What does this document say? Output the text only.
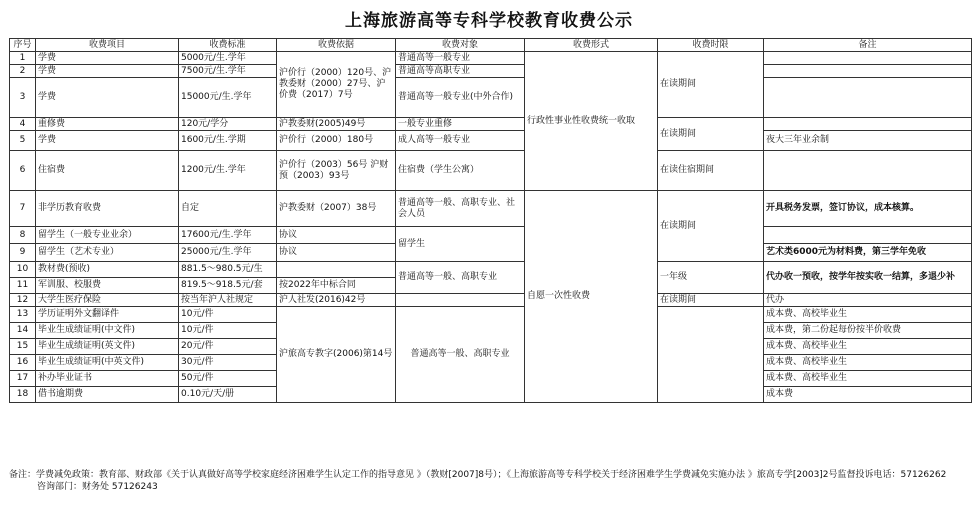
上海旅游高等专科学校教育收费公示
序号	收费项目	收费标准	收费依据	收费对象	收费形式	收费时限	备注
1	学费	5000元/生.学年	沪价行（2000）120号、沪教委财（2000）27号、沪价费（2017）7号	普通高等一般专业	行政性事业性收费统一收取	在读期间	
2	学费	7500元/生.学年		普通高等高职专业			
3	学费	15000元/生.学年		普通高等一般专业(中外合作)			
4	重修费	120元/学分	沪教委财(2005)49号	一般专业重修		在读期间	
5	学费	1600元/生.学期	沪价行（2000）180号	成人高等一般专业			夜大三年业余制
6	住宿费	1200元/生.学年	沪价行（2003）56号 沪财预（2003）93号	住宿费（学生公寓）		在读住宿期间	
7	非学历教育收费	自定	沪教委财（2007）38号	普通高等一般、高职专业、社会人员	自愿一次性收费	在读期间	开具税务发票，签订协议，成本核算。
8	留学生（一般专业业余）	17600元/生.学年	协议	留学生			
9	留学生（艺术专业）	25000元/生.学年	协议				艺术类6000元为材料费，第三学年免收
10	教材费(预收)	881.5～980.5元/生		普通高等一般、高职专业		一年级	代办收一预收，按学年按实收一结算，多退少补
11	军训服、校服费	819.5～918.5元/套	按2022年中标合同				
12	大学生医疗保险	按当年沪人社规定	沪人社发(2016)42号			在读期间	代办
13	学历证明外文翻译件	10元/件	沪旅高专教字(2006)第14号	普通高等一般、高职专业			成本费、高校毕业生
14	毕业生成绩证明(中文件)	10元/件					成本费，第二份起每份按半价收费
15	毕业生成绩证明(英文件)	20元/件					成本费、高校毕业生
16	毕业生成绩证明(中英文件)	30元/件					成本费、高校毕业生
17	补办毕业证书	50元/件					成本费、高校毕业生
18	借书逾期费	0.10元/天/册					成本费
备注：学费减免政策：教育部、财政部《关于认真做好高等学校家庭经济困难学生认定工作的指导意见 》（教财[2007]8号）；《上海旅游高等专科学校关于经济困难学生学费减免实施办法 》旅高专学[2003]2号监督投诉电话：57126262
咨询部门：财务处 57126243
